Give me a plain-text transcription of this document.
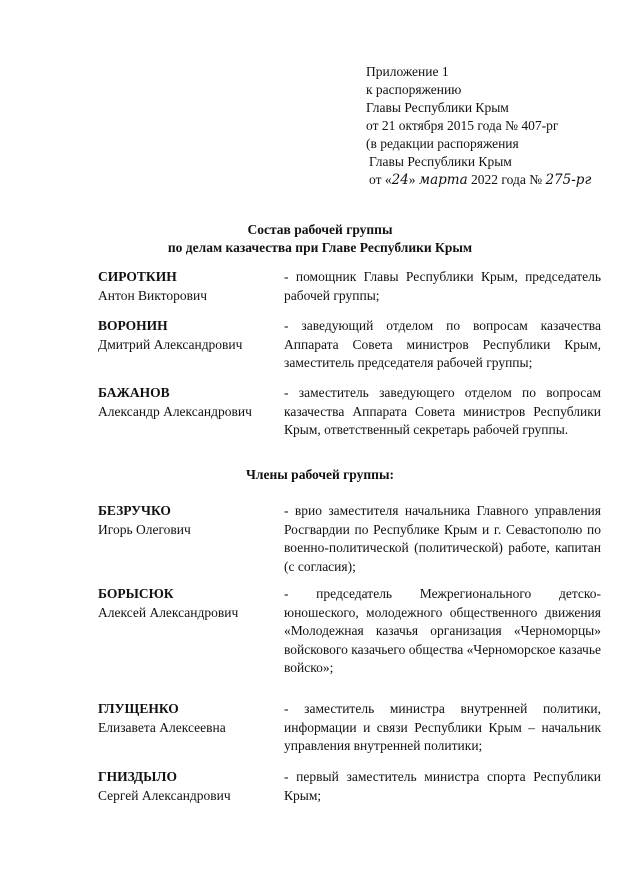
Приложение 1
к распоряжению
Главы Республики Крым
от 21 октября 2015 года № 407-рг
(в редакции распоряжения
Главы Республики Крым
от «24» марта 2022 года № 275-рг
Состав рабочей группы
по делам казачества при Главе Республики Крым
СИРОТКИН
Антон Викторович
- помощник Главы Республики Крым, председатель рабочей группы;
ВОРОНИН
Дмитрий Александрович
- заведующий отделом по вопросам казачества Аппарата Совета министров Республики Крым, заместитель председателя рабочей группы;
БАЖАНОВ
Александр Александрович
- заместитель заведующего отделом по вопросам казачества Аппарата Совета министров Республики Крым, ответственный секретарь рабочей группы.
Члены рабочей группы:
БЕЗРУЧКО
Игорь Олегович
- врио заместителя начальника Главного управления Росгвардии по Республике Крым и г. Севастополю по военно-политической (политической) работе, капитан (с согласия);
БОРЫСЮК
Алексей Александрович
- председатель Межрегионального детско-юношеского, молодежного общественного движения «Молодежная казачья организация «Черноморцы» войскового казачьего общества «Черноморское казачье войско»;
ГЛУЩЕНКО
Елизавета Алексеевна
- заместитель министра внутренней политики, информации и связи Республики Крым – начальник управления внутренней политики;
ГНИЗДЫЛО
Сергей Александрович
- первый заместитель министра спорта Республики Крым;
